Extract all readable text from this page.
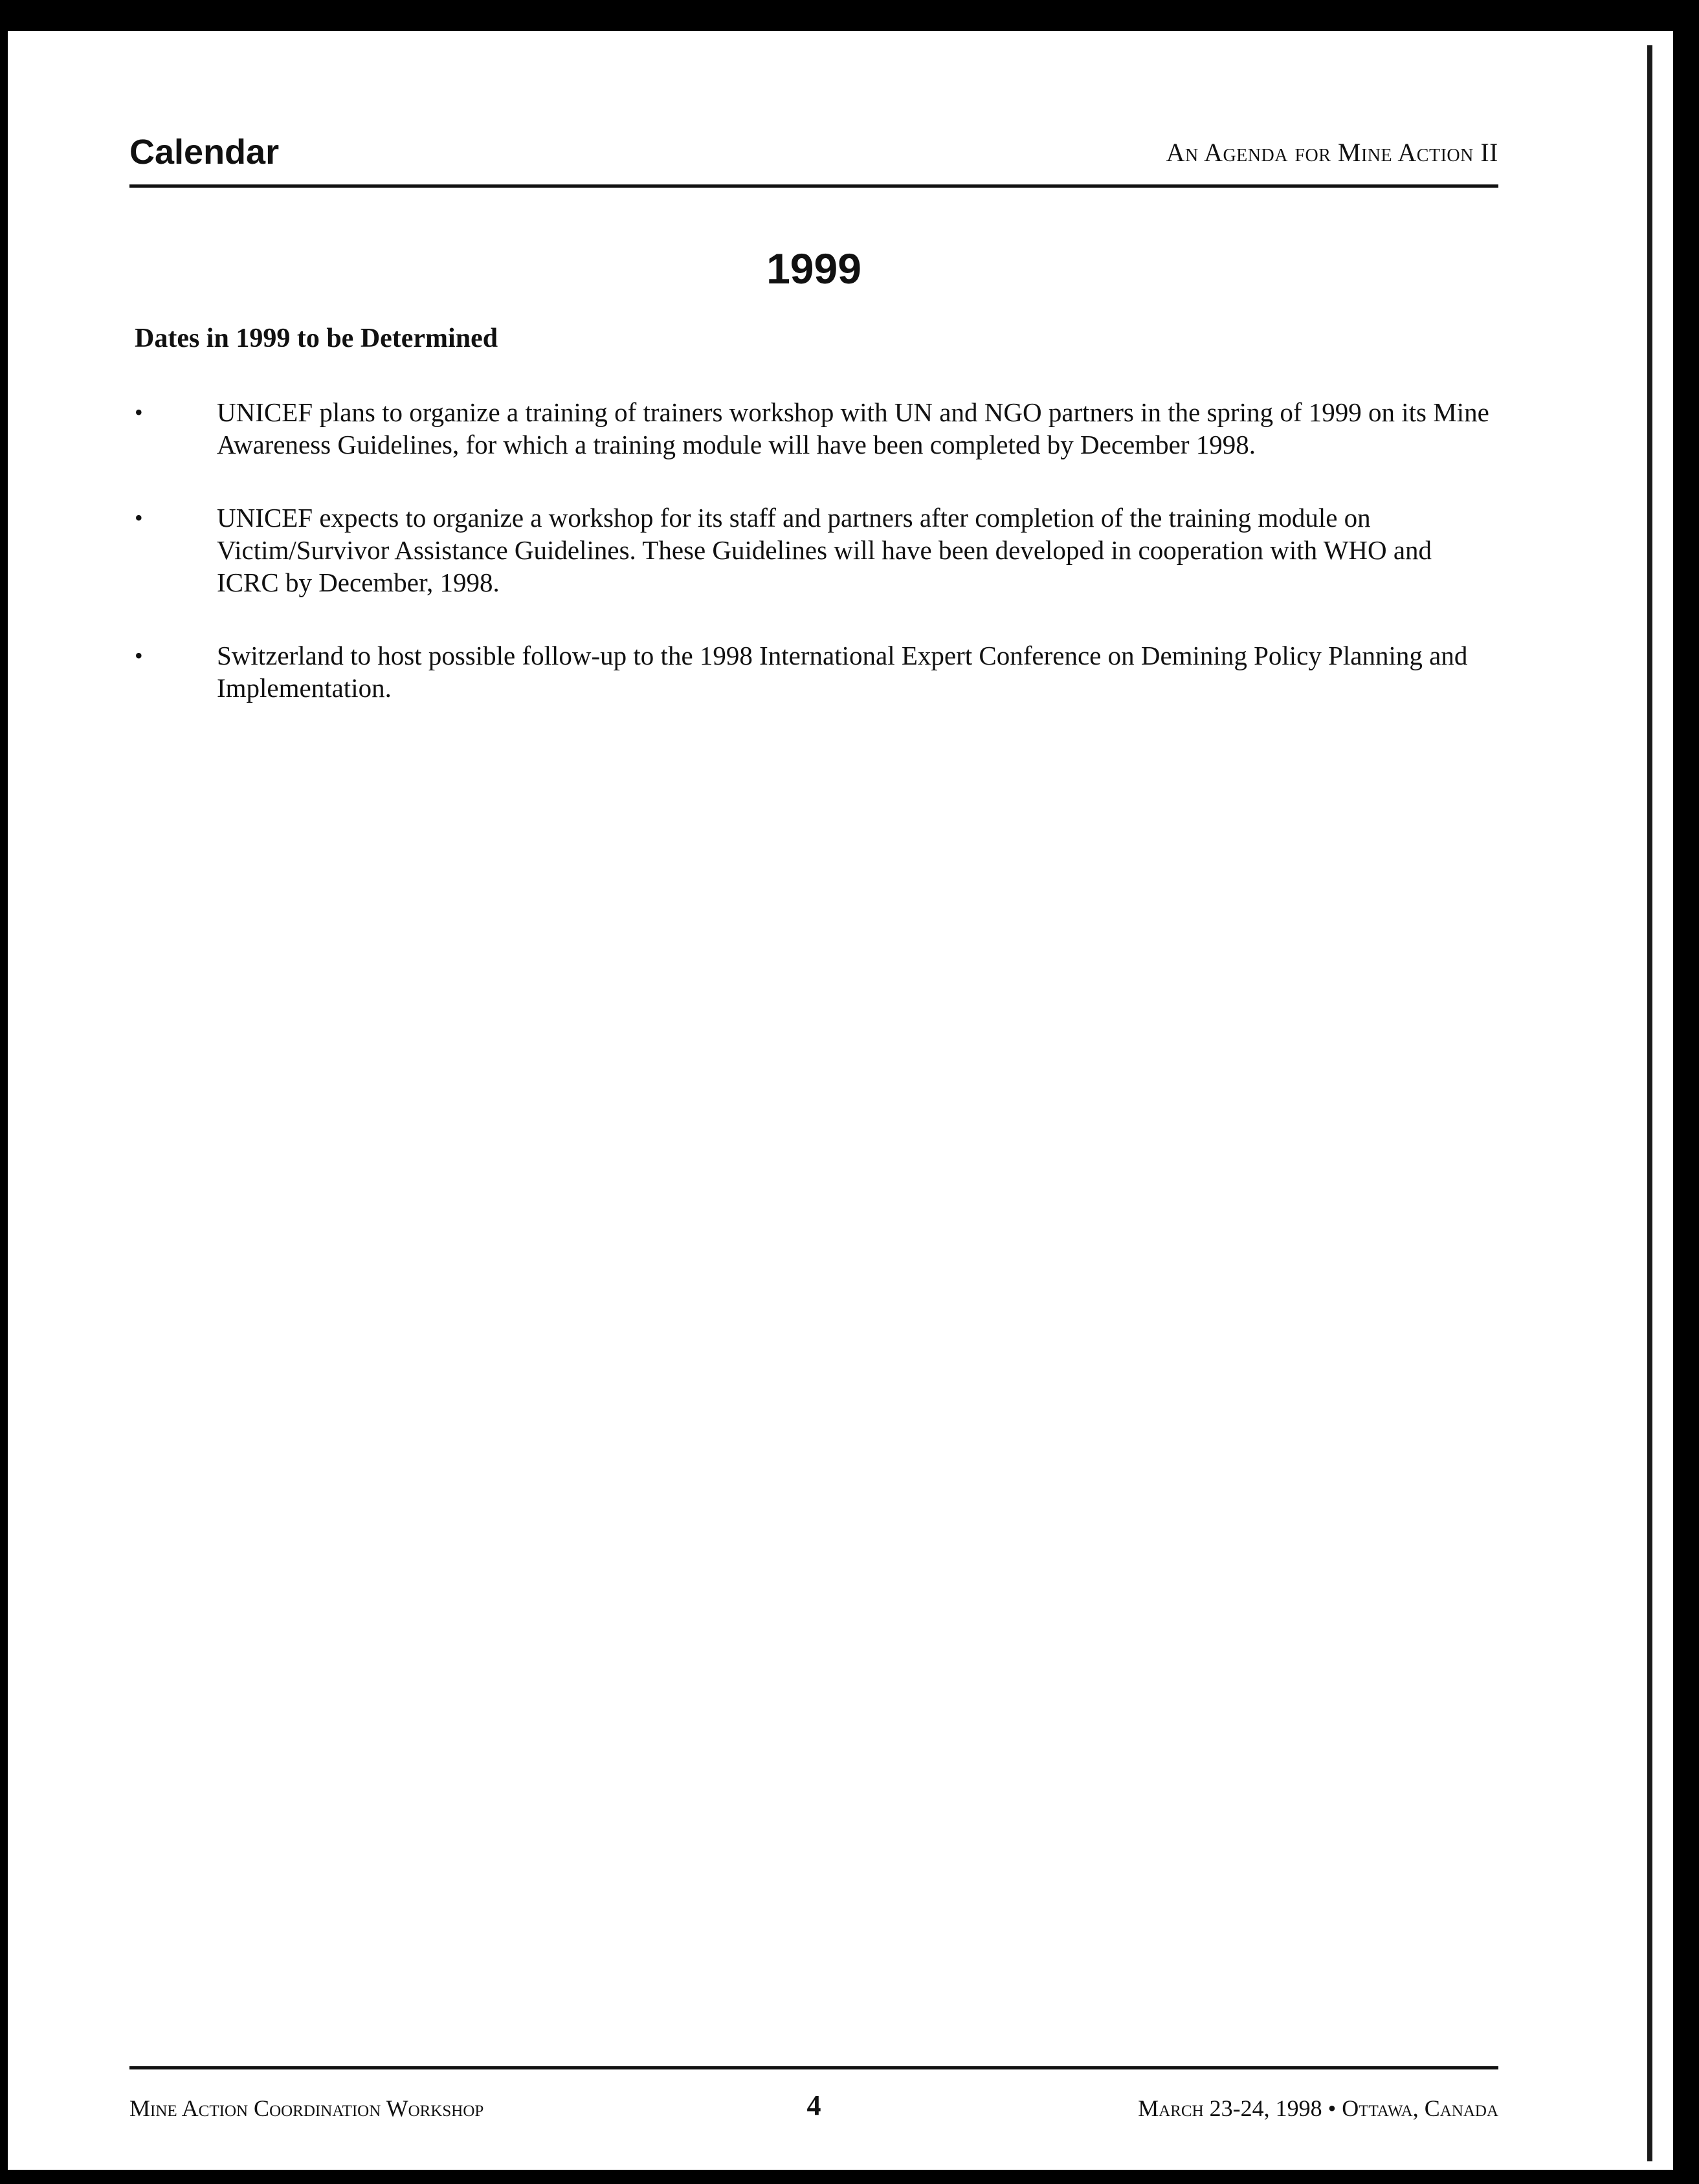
Calendar	An Agenda for Mine Action II
1999
Dates in 1999 to be Determined
•	UNICEF plans to organize a training of trainers workshop with UN and NGO partners in the spring of 1999 on its Mine Awareness Guidelines, for which a training module will have been completed by December 1998.
•	UNICEF expects to organize a workshop for its staff and partners after completion of the training module on Victim/Survivor Assistance Guidelines. These Guidelines will have been developed in cooperation with WHO and ICRC by December, 1998.
•	Switzerland to host possible follow-up to the 1998 International Expert Conference on Demining Policy Planning and Implementation.
Mine Action Coordination Workshop	4	March 23-24, 1998 • Ottawa, Canada
